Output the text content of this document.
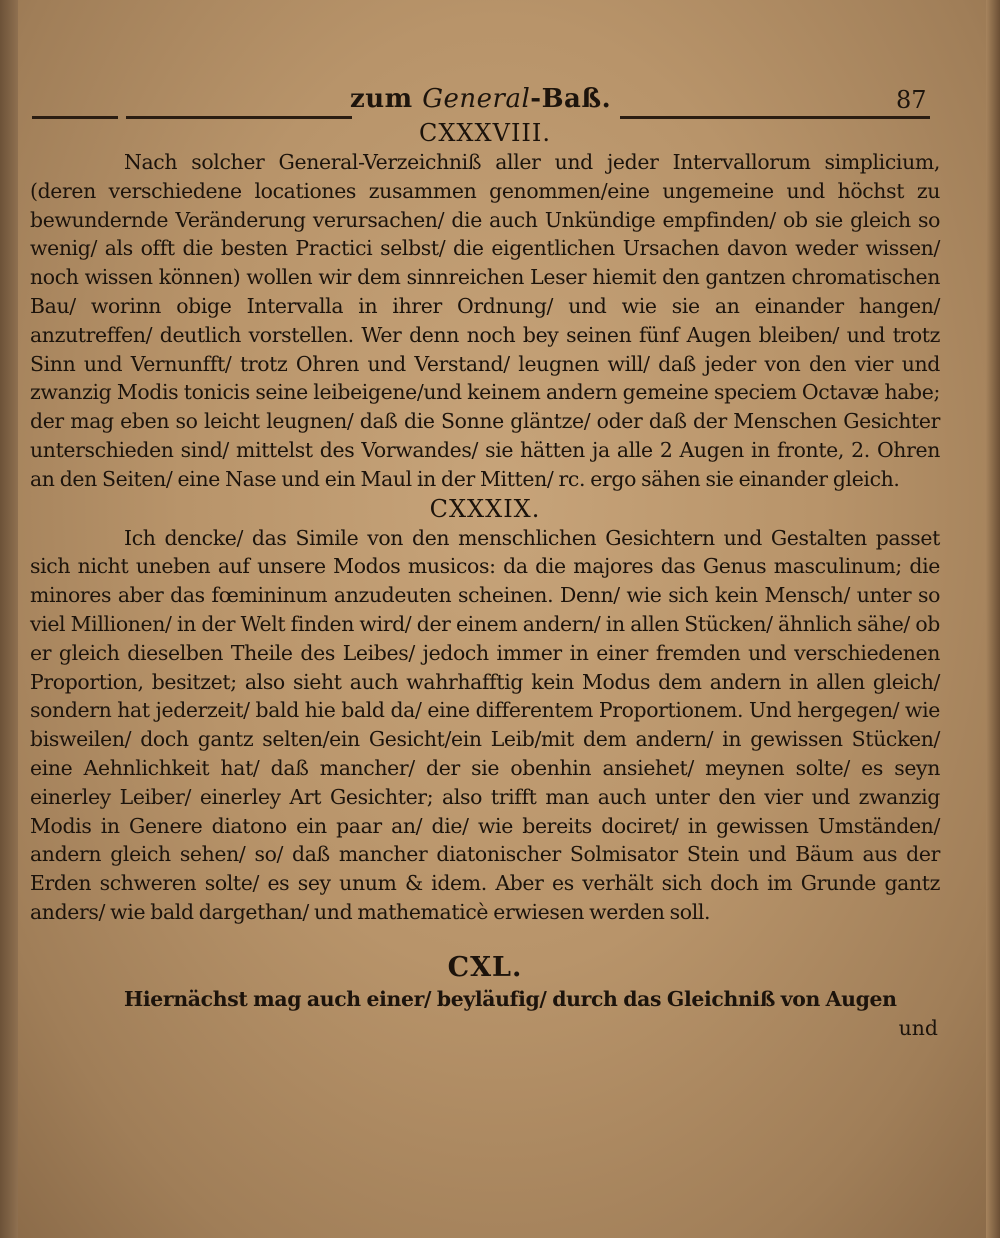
zum General-Baß.	87
CXXXVIII.

Nach solcher General-Verzeichniß aller und jeder Intervallorum simplicium, (deren verschiedene locationes zusammen genommen/eine ungemeine und höchst zu bewundernde Veränderung verursachen/ die auch Unkündige empfinden/ ob sie gleich so wenig/ als offt die besten Practici selbst/ die eigentlichen Ursachen davon weder wissen/ noch wissen können) wollen wir dem sinnreichen Leser hiemit den gantzen chromatischen Bau/ worinn obige Intervalla in ihrer Ordnung/ und wie sie an einander hangen/ anzutreffen/ deutlich vorstellen. Wer denn noch bey seinen fünf Augen bleiben/ und trotz Sinn und Vernunfft/ trotz Ohren und Verstand/ leugnen will/ daß jeder von den vier und zwanzig Modis tonicis seine leibeigene/und keinem andern gemeine speciem Octavæ habe; der mag eben so leicht leugnen/ daß die Sonne gläntze/ oder daß der Menschen Gesichter unterschieden sind/ mittelst des Vorwandes/ sie hätten ja alle 2 Augen in fronte, 2. Ohren an den Seiten/ eine Nase und ein Maul in der Mitten/ rc. ergo sähen sie einander gleich.

CXXXIX.

Ich dencke/ das Simile von den menschlichen Gesichtern und Gestalten passet sich nicht uneben auf unsere Modos musicos: da die majores das Genus masculinum; die minores aber das fœmininum anzudeuten scheinen. Denn/ wie sich kein Mensch/ unter so viel Millionen/ in der Welt finden wird/ der einem andern/ in allen Stücken/ ähnlich sähe/ ob er gleich dieselben Theile des Leibes/ jedoch immer in einer fremden und verschiedenen Proportion, besitzet; also sieht auch wahrhafftig kein Modus dem andern in allen gleich/ sondern hat jederzeit/ bald hie bald da/ eine differentem Proportionem. Und hergegen/ wie bisweilen/ doch gantz selten/ein Gesicht/ein Leib/mit dem andern/ in gewissen Stücken/ eine Aehnlichkeit hat/ daß mancher/ der sie obenhin ansiehet/ meynen solte/ es seyn einerley Leiber/ einerley Art Gesichter; also trifft man auch unter den vier und zwanzig Modis in Genere diatono ein paar an/ die/ wie bereits dociret/ in gewissen Umständen/ andern gleich sehen/ so/ daß mancher diatonischer Solmisator Stein und Bäum aus der Erden schweren solte/ es sey unum & idem. Aber es verhält sich doch im Grunde gantz anders/ wie bald dargethan/ und mathematicè erwiesen werden soll.

CXL.

Hiernächst mag auch einer/ beyläufig/ durch das Gleichniß von Augen

und
